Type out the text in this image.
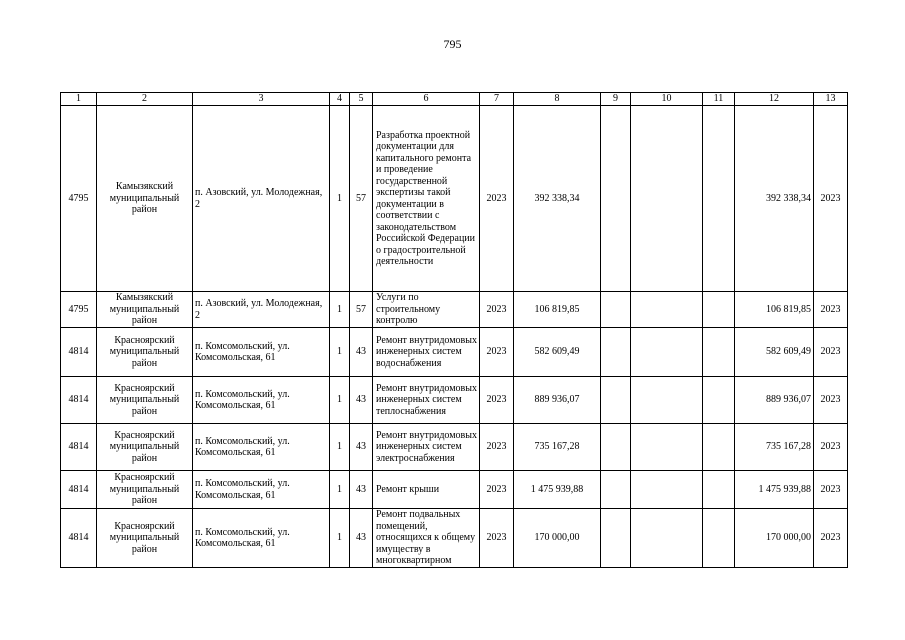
795
1	2	3	4	5	6	7	8	9	10	11	12	13
4795	Камызякский муниципальный район	п. Азовский, ул. Молодежная, 2	1	57	Разработка проектной документации для капитального ремонта и проведение государственной экспертизы такой документации в соответствии с законодательством Российской Федерации о градостроительной деятельности	2023	392 338,34				392 338,34	2023
4795	Камызякский муниципальный район	п. Азовский, ул. Молодежная, 2	1	57	Услуги по строительному контролю	2023	106 819,85				106 819,85	2023
4814	Красноярский муниципальный район	п. Комсомольский, ул. Комсомольская, 61	1	43	Ремонт внутридомовых инженерных систем водоснабжения	2023	582 609,49				582 609,49	2023
4814	Красноярский муниципальный район	п. Комсомольский, ул. Комсомольская, 61	1	43	Ремонт внутридомовых инженерных систем теплоснабжения	2023	889 936,07				889 936,07	2023
4814	Красноярский муниципальный район	п. Комсомольский, ул. Комсомольская, 61	1	43	Ремонт внутридомовых инженерных систем электроснабжения	2023	735 167,28				735 167,28	2023
4814	Красноярский муниципальный район	п. Комсомольский, ул. Комсомольская, 61	1	43	Ремонт крыши	2023	1 475 939,88				1 475 939,88	2023
4814	Красноярский муниципальный район	п. Комсомольский, ул. Комсомольская, 61	1	43	Ремонт подвальных помещений, относящихся к общему имуществу в многоквартирном	2023	170 000,00				170 000,00	2023
